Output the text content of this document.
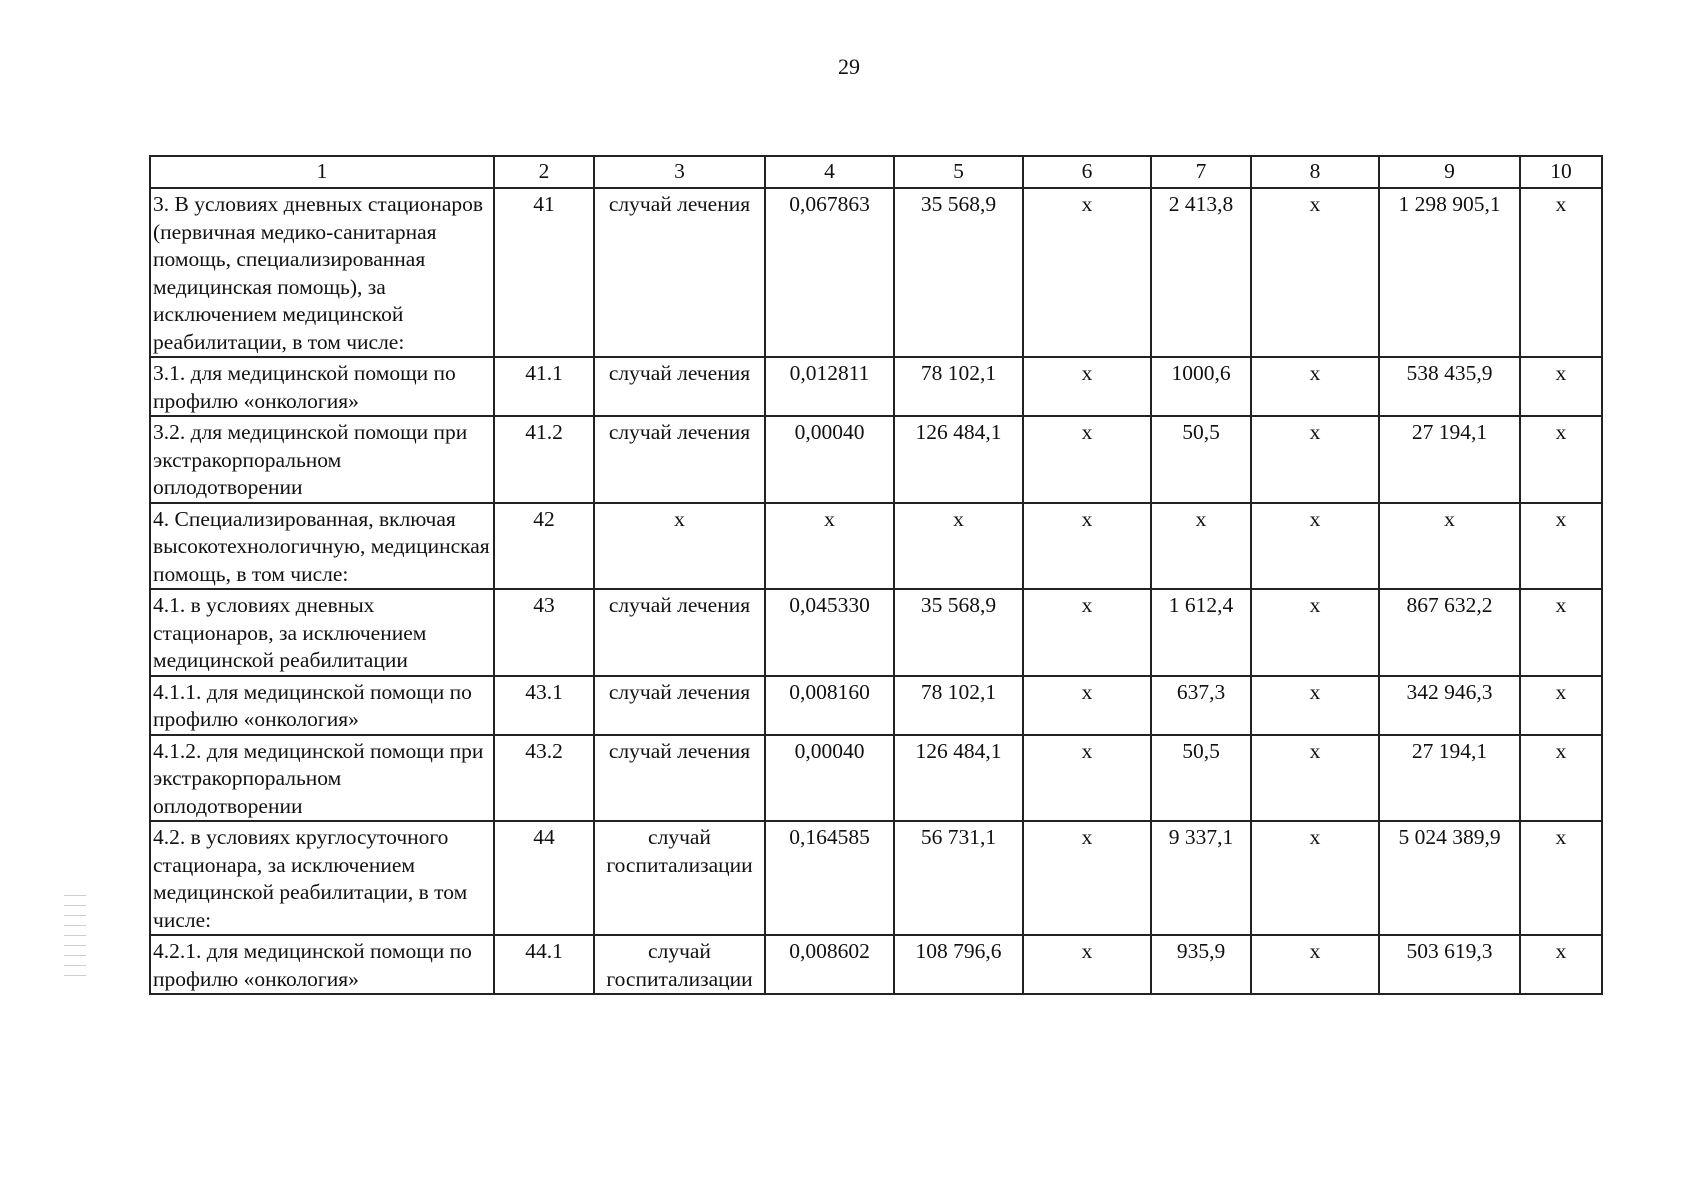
29
1	2	3	4	5	6	7	8	9	10
3. В условиях дневных стационаров (первичная медико-санитарная помощь, специализированная медицинская помощь), за исключением медицинской реабилитации, в том числе:	41	случай лечения	0,067863	35 568,9	х	2 413,8	х	1 298 905,1	х
3.1. для медицинской помощи по профилю «онкология»	41.1	случай лечения	0,012811	78 102,1	х	1000,6	х	538 435,9	х
3.2. для медицинской помощи при экстракорпоральном оплодотворении	41.2	случай лечения	0,00040	126 484,1	х	50,5	х	27 194,1	х
4. Специализированная, включая высокотехнологичную, медицинская помощь, в том числе:	42	х	х	х	х	х	х	х	х
4.1. в условиях дневных стационаров, за исключением медицинской реабилитации	43	случай лечения	0,045330	35 568,9	х	1 612,4	х	867 632,2	х
4.1.1. для медицинской помощи по профилю «онкология»	43.1	случай лечения	0,008160	78 102,1	х	637,3	х	342 946,3	х
4.1.2. для медицинской помощи при экстракорпоральном оплодотворении	43.2	случай лечения	0,00040	126 484,1	х	50,5	х	27 194,1	х
4.2. в условиях круглосуточного стационара, за исключением медицинской реабилитации, в том числе:	44	случай госпитализации	0,164585	56 731,1	х	9 337,1	х	5 024 389,9	х
4.2.1. для медицинской помощи по профилю «онкология»	44.1	случай госпитализации	0,008602	108 796,6	х	935,9	х	503 619,3	х
